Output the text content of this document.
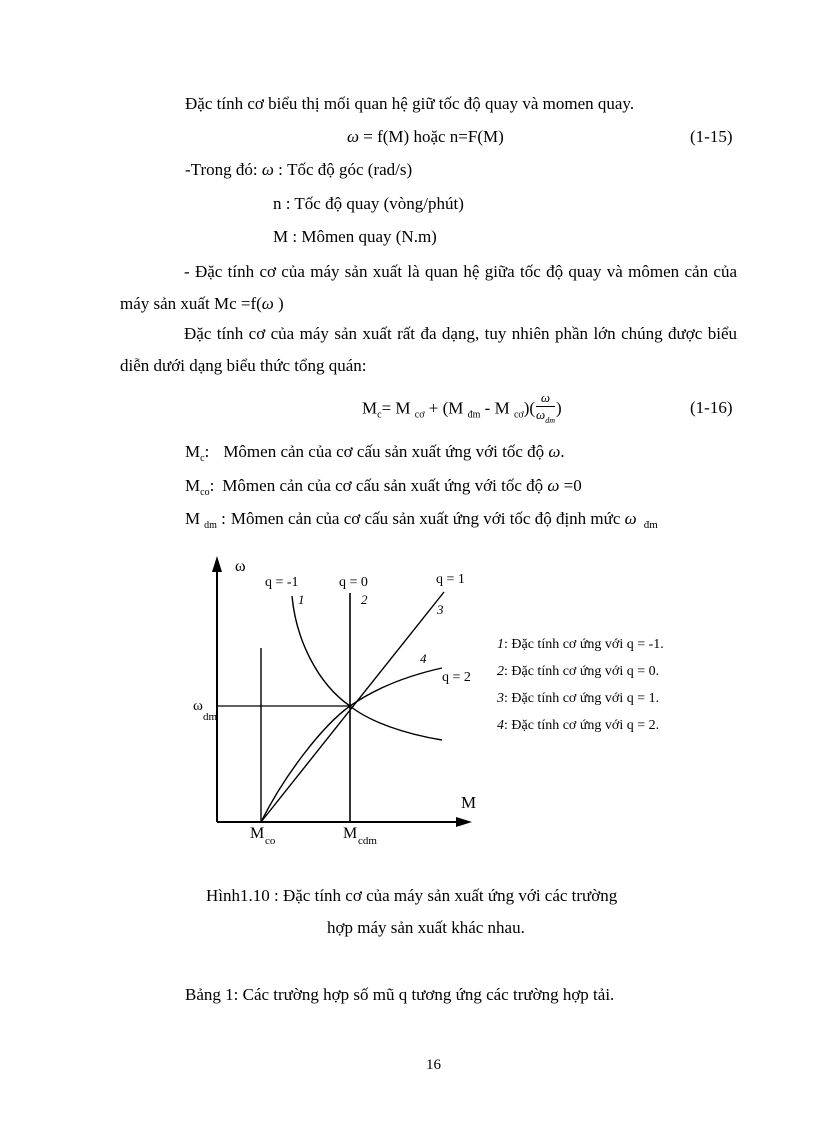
Đặc tính cơ biểu thị mối quan hệ giữ tốc độ quay và momen quay.
ω = f(M) hoặc n=F(M)	(1-15)
-Trong đó: ω : Tốc độ góc (rad/s)
n : Tốc độ quay (vòng/phút)
M : Mômen quay (N.m)
- Đặc tính cơ của máy sản xuất là quan hệ giữa tốc độ quay và mômen cản của máy sản xuất Mc =f(ω )
Đặc tính cơ của máy sản xuất rất đa dạng, tuy nhiên phần lớn chúng được biểu diễn dưới dạng biểu thức tổng quán:
$M_c= M$ $_{cơ}$ + (M $_{đm}$ - M $_{cơ})( \frac{\omega}{\omega_{dm}}$ )	(1-16)
$M_c$: Mômen cản của cơ cấu sản xuất ứng với tốc độ ω.
$M_{co}$: Mômen cản của cơ cấu sản xuất ứng với tốc độ ω =0
M $_{dm}$ : Mômen cản của cơ cấu sản xuất ứng với tốc độ định mức ω $_{đm}$
ω
M
q = -1	q = 0	q = 1
q = 2
1	2
3
4
ω
dm
M co	M cdm
1: Đặc tính cơ ứng với q = -1.
2: Đặc tính cơ ứng với q = 0.
3: Đặc tính cơ ứng với q = 1.
4: Đặc tính cơ ứng với q = 2.
Hình1.10 : Đặc tính cơ của máy sản xuất ứng với các trường
hợp máy sản xuất khác nhau.
Bảng 1: Các trường hợp số mũ q tương ứng các trường hợp tải.
16
